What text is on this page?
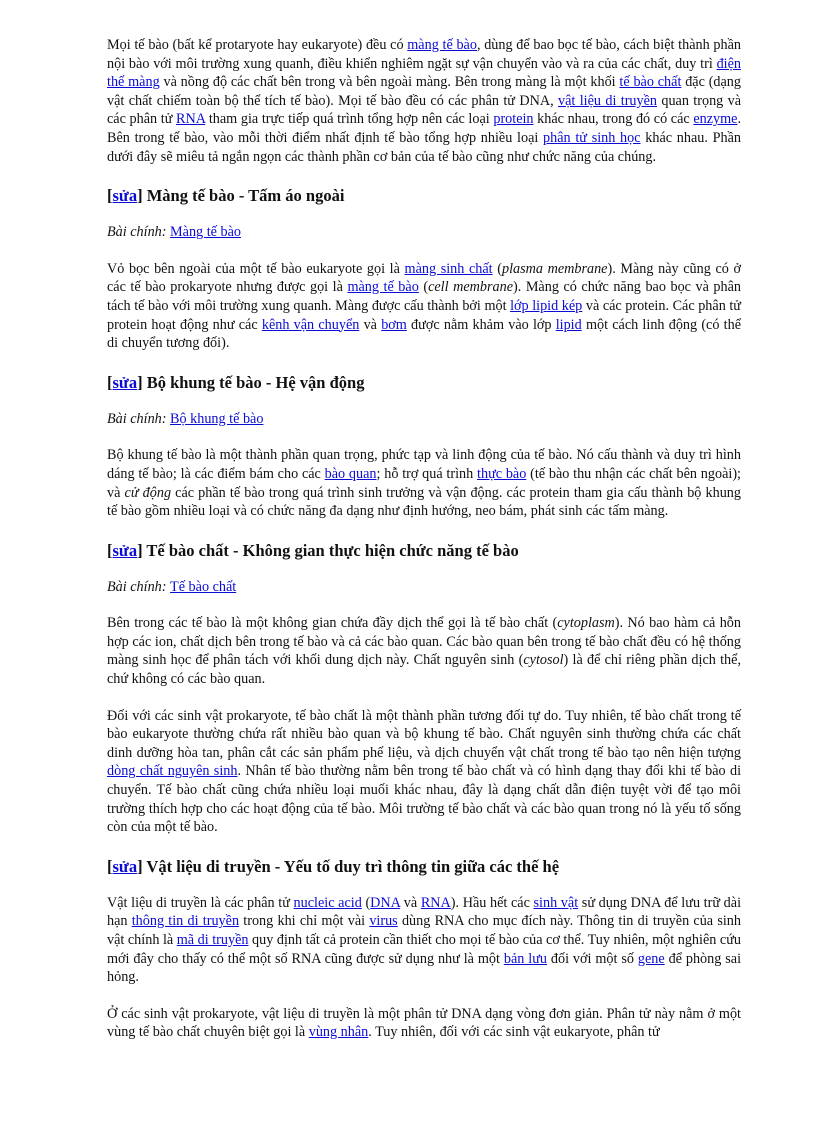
Mọi tế bào (bất kể protaryote hay eukaryote) đều có màng tế bào, dùng để bao bọc tế bào, cách biệt thành phần nội bào với môi trường xung quanh, điều khiển nghiêm ngặt sự vận chuyển vào và ra của các chất, duy trì điện thế màng và nồng độ các chất bên trong và bên ngoài màng. Bên trong màng là một khối tế bào chất đặc (dạng vật chất chiếm toàn bộ thể tích tế bào). Mọi tế bào đều có các phân tử DNA, vật liệu di truyền quan trọng và các phân tử RNA tham gia trực tiếp quá trình tổng hợp nên các loại protein khác nhau, trong đó có các enzyme. Bên trong tế bào, vào mỗi thời điểm nhất định tế bào tổng hợp nhiều loại phân tử sinh học khác nhau. Phần dưới đây sẽ miêu tả ngắn ngọn các thành phần cơ bản của tế bào cũng như chức năng của chúng.

[sửa] Màng tế bào - Tấm áo ngoài
Bài chính: Màng tế bào

Vỏ bọc bên ngoài của một tế bào eukaryote gọi là màng sinh chất (plasma membrane). Màng này cũng có ở các tế bào prokaryote nhưng được gọi là màng tế bào (cell membrane). Màng có chức năng bao bọc và phân tách tế bào với môi trường xung quanh. Màng được cấu thành bởi một lớp lipid kép và các protein. Các phân tử protein hoạt động như các kênh vận chuyển và bơm được nằm khảm vào lớp lipid một cách linh động (có thể di chuyển tương đối).

[sửa] Bộ khung tế bào - Hệ vận động
Bài chính: Bộ khung tế bào

Bộ khung tế bào là một thành phần quan trọng, phức tạp và linh động của tế bào. Nó cấu thành và duy trì hình dáng tế bào; là các điểm bám cho các bào quan; hỗ trợ quá trình thực bào (tế bào thu nhận các chất bên ngoài); và cử động các phần tế bào trong quá trình sinh trưởng và vận động. các protein tham gia cấu thành bộ khung tế bào gồm nhiều loại và có chức năng đa dạng như định hướng, neo bám, phát sinh các tấm màng.

[sửa] Tế bào chất - Không gian thực hiện chức năng tế bào
Bài chính: Tế bào chất

Bên trong các tế bào là một không gian chứa đầy dịch thể gọi là tế bào chất (cytoplasm). Nó bao hàm cả hỗn hợp các ion, chất dịch bên trong tế bào và cả các bào quan. Các bào quan bên trong tế bào chất đều có hệ thống màng sinh học để phân tách với khối dung dịch này. Chất nguyên sinh (cytosol) là để chỉ riêng phần dịch thể, chứ không có các bào quan.

Đối với các sinh vật prokaryote, tế bào chất là một thành phần tương đối tự do. Tuy nhiên, tế bào chất trong tế bào eukaryote thường chứa rất nhiều bào quan và bộ khung tế bào. Chất nguyên sinh thường chứa các chất dinh dưỡng hòa tan, phân cắt các sản phẩm phế liệu, và dịch chuyển vật chất trong tế bào tạo nên hiện tượng dòng chất nguyên sinh. Nhân tế bào thường nằm bên trong tế bào chất và có hình dạng thay đổi khi tế bào di chuyển. Tế bào chất cũng chứa nhiều loại muối khác nhau, đây là dạng chất dẫn điện tuyệt vời để tạo môi trường thích hợp cho các hoạt động của tế bào. Môi trường tế bào chất và các bào quan trong nó là yếu tố sống còn của một tế bào.

[sửa] Vật liệu di truyền - Yếu tố duy trì thông tin giữa các thế hệ

Vật liệu di truyền là các phân tử nucleic acid (DNA và RNA). Hầu hết các sinh vật sử dụng DNA để lưu trữ dài hạn thông tin di truyền trong khi chỉ một vài virus dùng RNA cho mục đích này. Thông tin di truyền của sinh vật chính là mã di truyền quy định tất cả protein cần thiết cho mọi tế bào của cơ thể. Tuy nhiên, một nghiên cứu mới đây cho thấy có thể một số RNA cũng được sử dụng như là một bản lưu đối với một số gene để phòng sai hỏng.

Ở các sinh vật prokaryote, vật liệu di truyền là một phân tử DNA dạng vòng đơn giản. Phân tử này nằm ở một vùng tế bào chất chuyên biệt gọi là vùng nhân. Tuy nhiên, đối với các sinh vật eukaryote, phân tử
